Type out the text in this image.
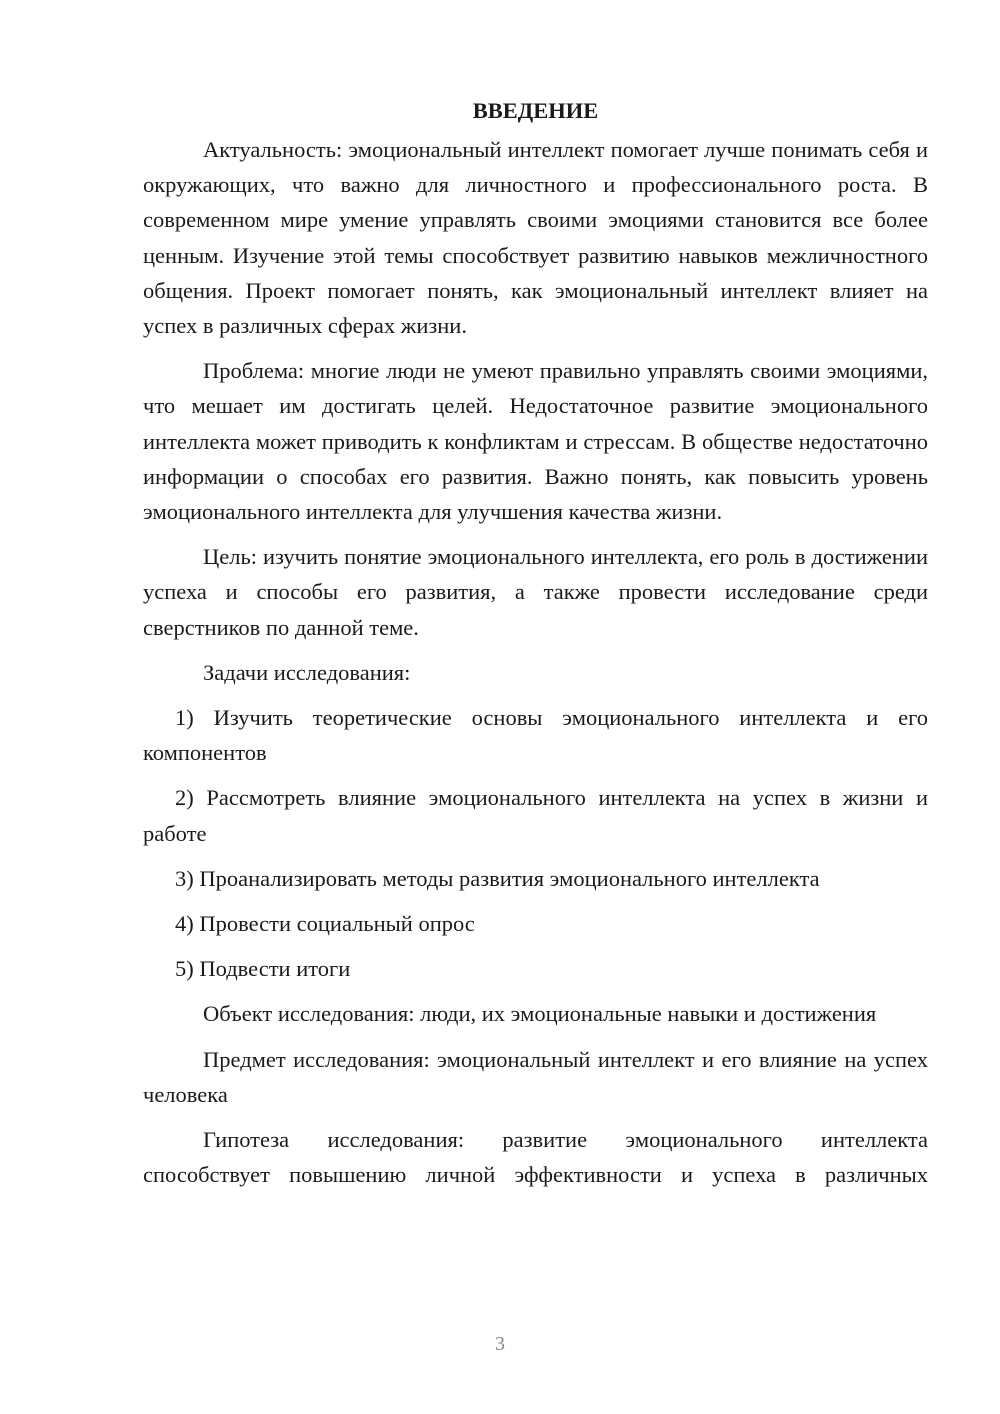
ВВЕДЕНИЕ

Актуальность: эмоциональный интеллект помогает лучше понимать себя и окружающих, что важно для личностного и профессионального роста. В современном мире умение управлять своими эмоциями становится все более ценным. Изучение этой темы способствует развитию навыков межличностного общения. Проект помогает понять, как эмоциональный интеллект влияет на успех в различных сферах жизни.

Проблема: многие люди не умеют правильно управлять своими эмоциями, что мешает им достигать целей. Недостаточное развитие эмоционального интеллекта может приводить к конфликтам и стрессам. В обществе недостаточно информации о способах его развития. Важно понять, как повысить уровень эмоционального интеллекта для улучшения качества жизни.

Цель: изучить понятие эмоционального интеллекта, его роль в достижении успеха и способы его развития, а также провести исследование среди сверстников по данной теме.

Задачи исследования:

1) Изучить теоретические основы эмоционального интеллекта и его компонентов

2) Рассмотреть влияние эмоционального интеллекта на успех в жизни и работе

3) Проанализировать методы развития эмоционального интеллекта

4) Провести социальный опрос

5) Подвести итоги

Объект исследования: люди, их эмоциональные навыки и достижения

Предмет исследования: эмоциональный интеллект и его влияние на успех человека

Гипотеза исследования: развитие эмоционального интеллекта способствует повышению личной эффективности и успеха в различных

3
